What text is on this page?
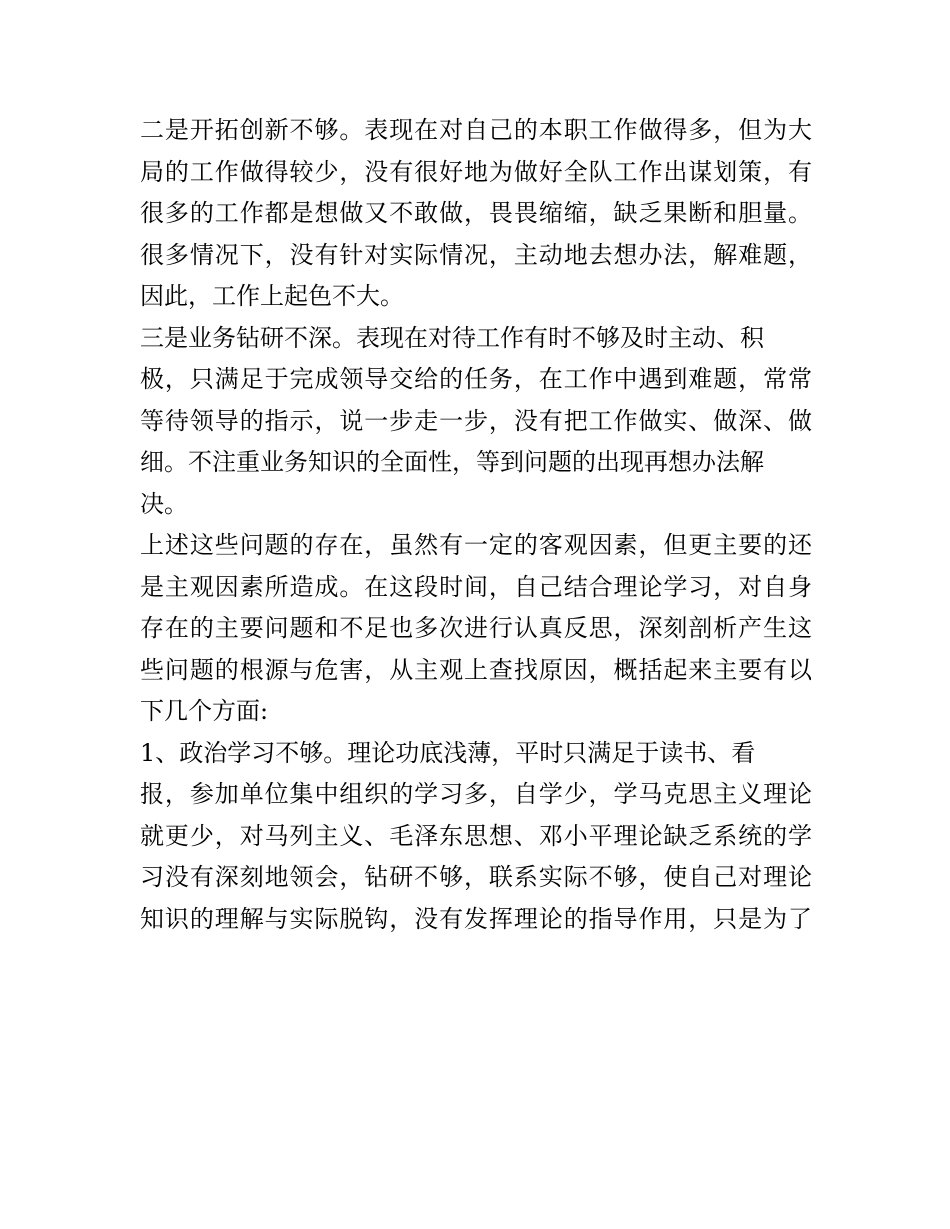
二是开拓创新不够。表现在对自己的本职工作做得多，但为大
局的工作做得较少，没有很好地为做好全队工作出谋划策，有
很多的工作都是想做又不敢做，畏畏缩缩，缺乏果断和胆量。
很多情况下，没有针对实际情况，主动地去想办法，解难题，
因此，工作上起色不大。
三是业务钻研不深。表现在对待工作有时不够及时主动、积
极，只满足于完成领导交给的任务，在工作中遇到难题，常常
等待领导的指示，说一步走一步，没有把工作做实、做深、做
细。不注重业务知识的全面性，等到问题的出现再想办法解
决。
上述这些问题的存在，虽然有一定的客观因素，但更主要的还
是主观因素所造成。在这段时间，自己结合理论学习，对自身
存在的主要问题和不足也多次进行认真反思，深刻剖析产生这
些问题的根源与危害，从主观上查找原因，概括起来主要有以
下几个方面:
1、政治学习不够。理论功底浅薄，平时只满足于读书、看
报，参加单位集中组织的学习多，自学少，学马克思主义理论
就更少，对马列主义、毛泽东思想、邓小平理论缺乏系统的学
习没有深刻地领会，钻研不够，联系实际不够，使自己对理论
知识的理解与实际脱钩，没有发挥理论的指导作用，只是为了
